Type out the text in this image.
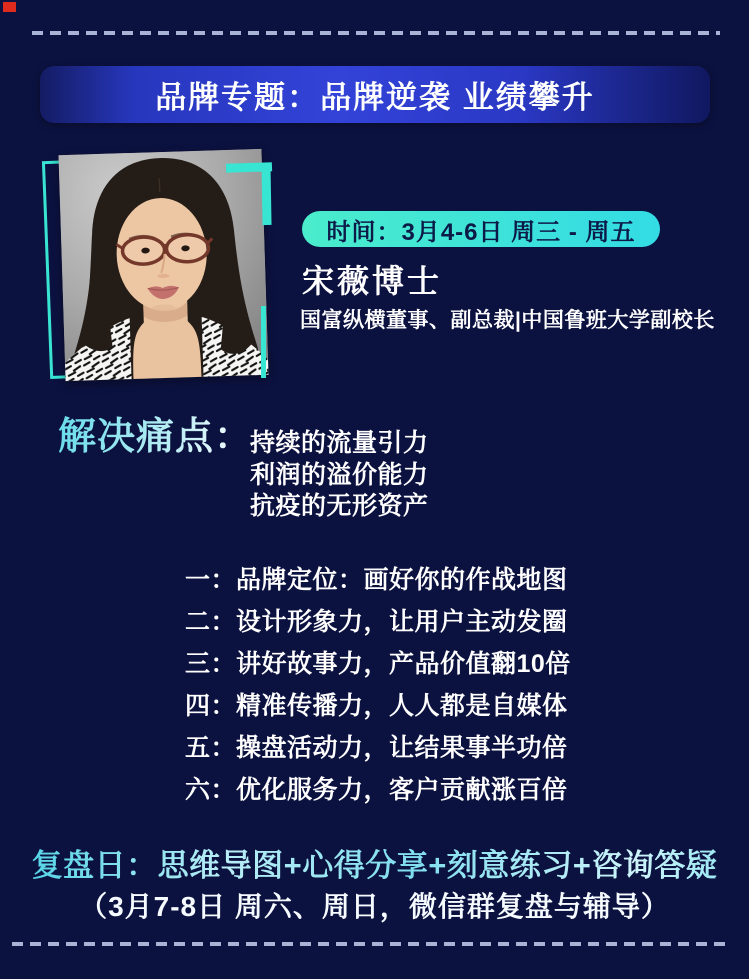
品牌专题：品牌逆袭 业绩攀升
时间：3月4-6日 周三 - 周五
宋薇博士
国富纵横董事、副总裁|中国鲁班大学副校长
解决痛点：
持续的流量引力
利润的溢价能力
抗疫的无形资产
一：品牌定位：画好你的作战地图
二：设计形象力，让用户主动发圈
三：讲好故事力，产品价值翻10倍
四：精准传播力，人人都是自媒体
五：操盘活动力，让结果事半功倍
六：优化服务力，客户贡献涨百倍
复盘日：思维导图+心得分享+刻意练习+咨询答疑
（3月7-8日 周六、周日，微信群复盘与辅导）
